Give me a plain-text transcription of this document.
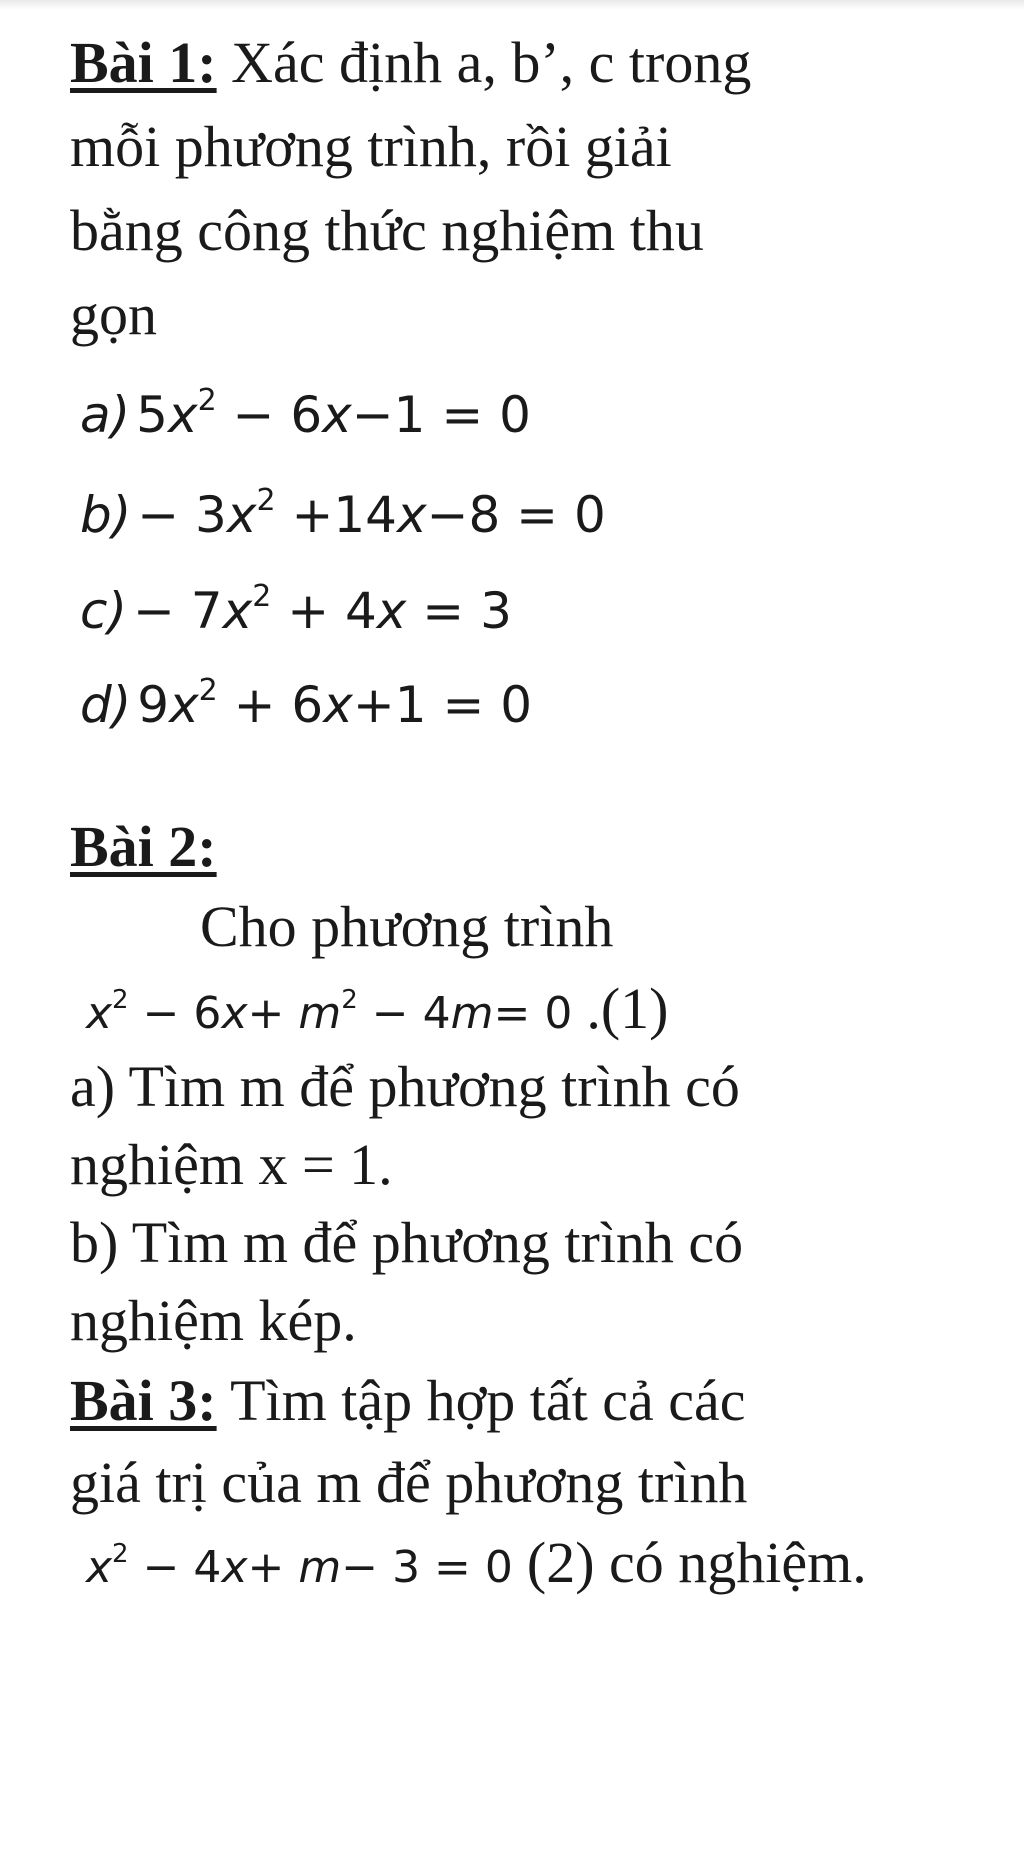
Bài 1: Xác định a, b’, c trong
mỗi phương trình, rồi giải
bằng công thức nghiệm thu
gọn
a) $5x^2 - 6x-1 = 0$
$b) - 3x^2 +14x-8 = 0$
$c) - 7x^2 + 4x = 3$
d) $9x^2 + 6x+1 = 0$
Bài 2:
Cho phương trình
$x^2 - 6x+ m^2 - 4m= 0$ .(1)
a) Tìm m để phương trình có
nghiệm x = 1.
b) Tìm m để phương trình có
nghiệm kép.
Bài 3: Tìm tập hợp tất cả các
giá trị của m để phương trình
$x^2 - 4x+ m- 3 = 0$ (2) có nghiệm.
